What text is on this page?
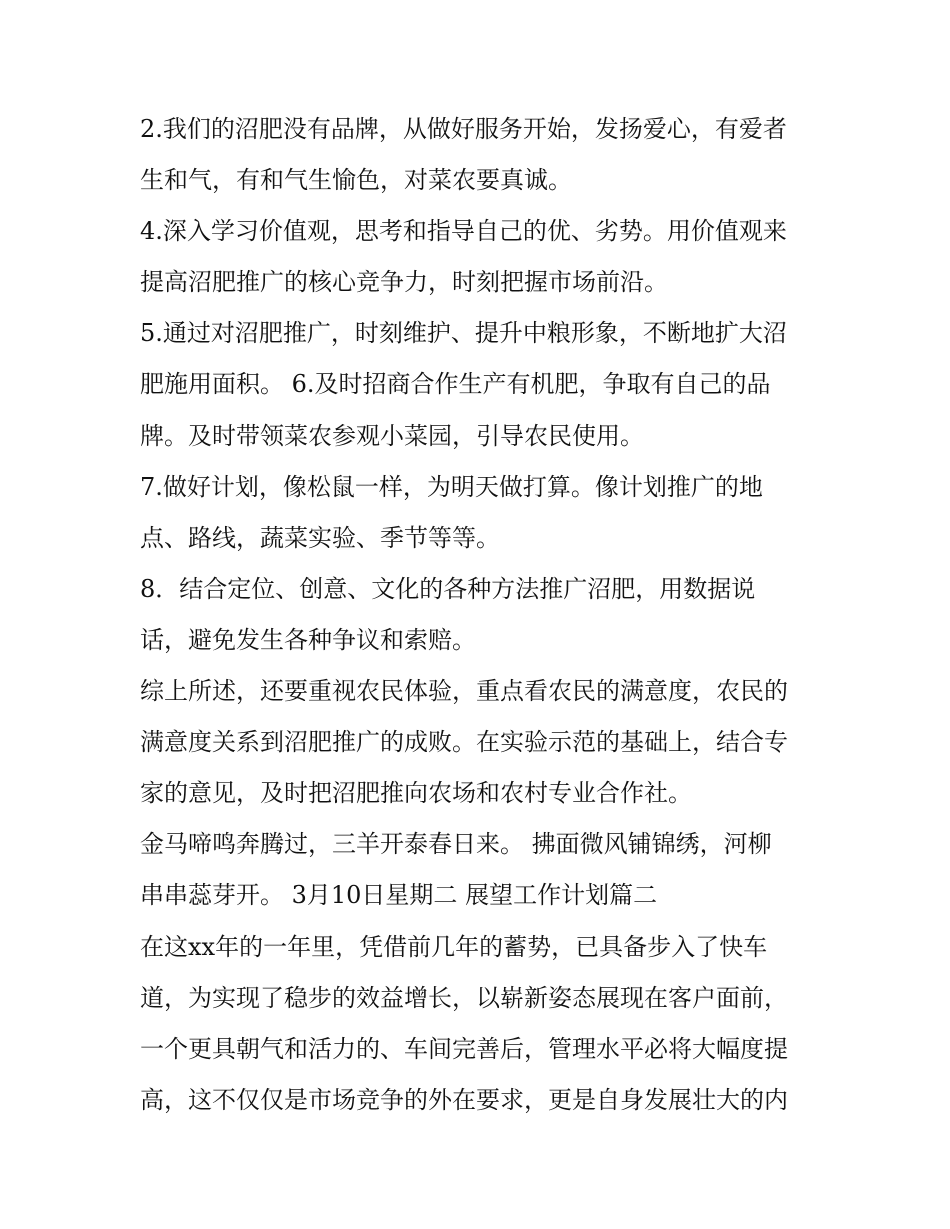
2.我们的沼肥没有品牌，从做好服务开始，发扬爱心，有爱者
生和气，有和气生愉色，对菜农要真诚。
4.深入学习价值观，思考和指导自己的优、劣势。用价值观来
提高沼肥推广的核心竞争力，时刻把握市场前沿。
5.通过对沼肥推广，时刻维护、提升中粮形象，不断地扩大沼
肥施用面积。 6.及时招商合作生产有机肥，争取有自己的品
牌。及时带领菜农参观小菜园，引导农民使用。
7.做好计划，像松鼠一样，为明天做打算。像计划推广的地
点、路线，蔬菜实验、季节等等。
8．结合定位、创意、文化的各种方法推广沼肥，用数据说
话，避免发生各种争议和索赔。
综上所述，还要重视农民体验，重点看农民的满意度，农民的
满意度关系到沼肥推广的成败。在实验示范的基础上，结合专
家的意见，及时把沼肥推向农场和农村专业合作社。
金马啼鸣奔腾过，三羊开泰春日来。 拂面微风铺锦绣，河柳
串串蕊芽开。 3月10日星期二 展望工作计划篇二
在这xx年的一年里，凭借前几年的蓄势，已具备步入了快车
道，为实现了稳步的效益增长，以崭新姿态展现在客户面前，
一个更具朝气和活力的、车间完善后，管理水平必将大幅度提
高，这不仅仅是市场竞争的外在要求，更是自身发展壮大的内
